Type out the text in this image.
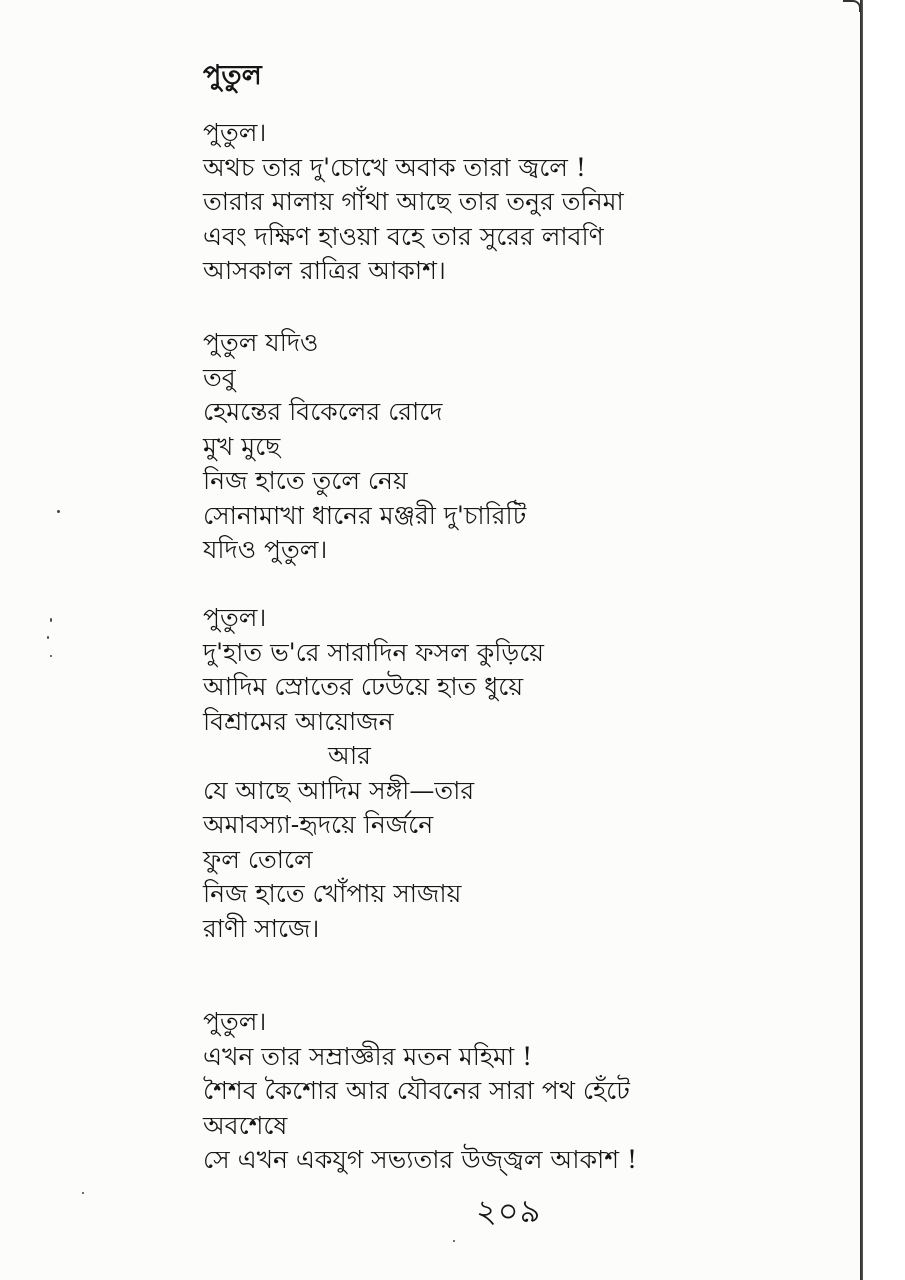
পুতুল
পুতুল।
অথচ তার দু'চোখে অবাক তারা জ্বলে !
তারার মালায় গাঁথা আছে তার তনুর তনিমা
এবং দক্ষিণ হাওয়া বহে তার সুরের লাবণি
আসকাল রাত্রির আকাশ।
পুতুল যদিও
তবু
হেমন্তের বিকেলের রোদে
মুখ মুছে
নিজ হাতে তুলে নেয়
সোনামাখা ধানের মঞ্জরী দু'চারিটি
যদিও পুতুল।
পুতুল।
দু'হাত ভ'রে সারাদিন ফসল কুড়িয়ে
আদিম স্রোতের ঢেউয়ে হাত ধুয়ে
বিশ্রামের আয়োজন
আর
যে আছে আদিম সঙ্গী—তার
অমাবস্যা-হৃদয়ে নির্জনে
ফুল তোলে
নিজ হাতে খোঁপায় সাজায়
রাণী সাজে।
পুতুল।
এখন তার সম্রাজ্ঞীর মতন মহিমা !
শৈশব কৈশোর আর যৌবনের সারা পথ হেঁটে
অবশেষে
সে এখন একযুগ সভ্যতার উজ্জ্বল আকাশ !
২০৯
